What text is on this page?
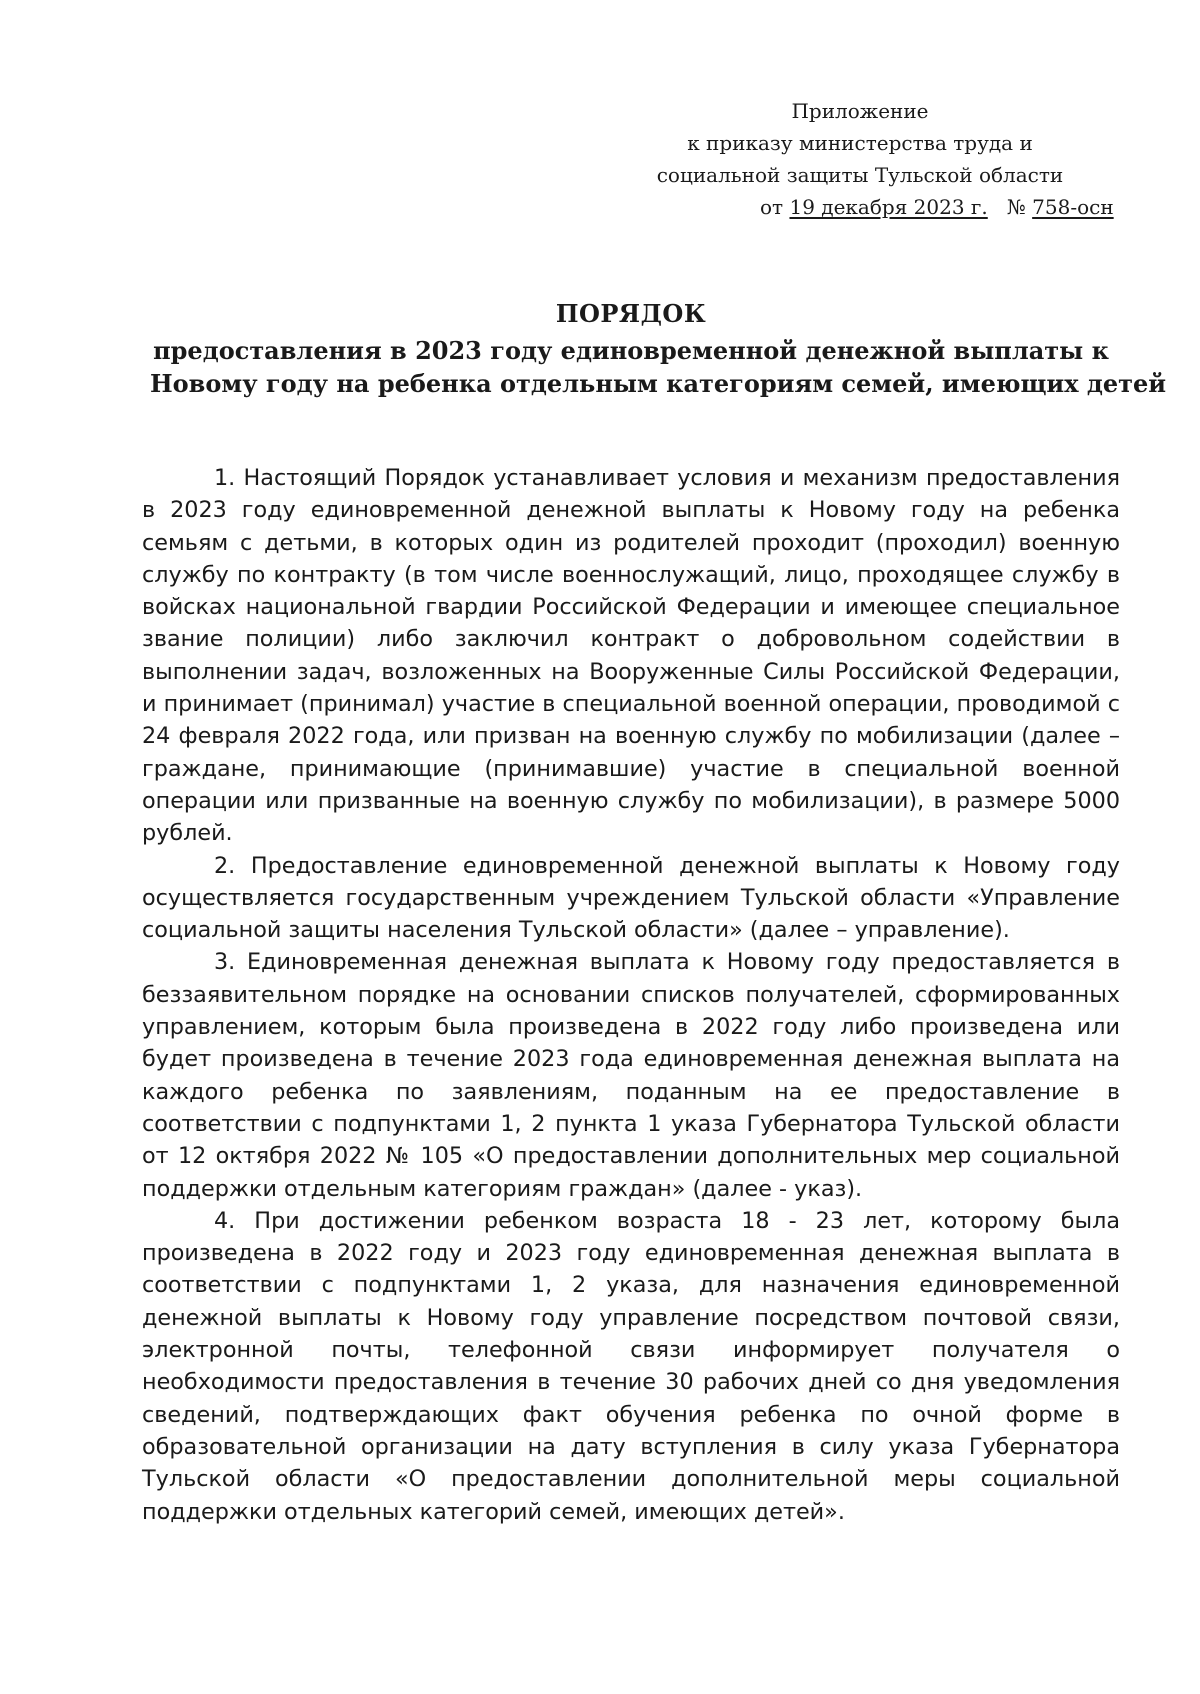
Приложение
к приказу министерства труда и
социальной защиты Тульской области
от 19 декабря 2023 г. № 758-осн
ПОРЯДОК
предоставления в 2023 году единовременной денежной выплаты к
Новому году на ребенка отдельным категориям семей, имеющих детей

1. Настоящий Порядок устанавливает условия и механизм предоставления в 2023 году единовременной денежной выплаты к Новому году на ребенка семьям с детьми, в которых один из родителей проходит (проходил) военную службу по контракту (в том числе военнослужащий, лицо, проходящее службу в войсках национальной гвардии Российской Федерации и имеющее специальное звание полиции) либо заключил контракт о добровольном содействии в выполнении задач, возложенных на Вооруженные Силы Российской Федерации, и принимает (принимал) участие в специальной военной операции, проводимой с 24 февраля 2022 года, или призван на военную службу по мобилизации (далее – граждане, принимающие (принимавшие) участие в специальной военной операции или призванные на военную службу по мобилизации), в размере 5000 рублей.

2. Предоставление единовременной денежной выплаты к Новому году осуществляется государственным учреждением Тульской области «Управление социальной защиты населения Тульской области» (далее – управление).

3. Единовременная денежная выплата к Новому году предоставляется в беззаявительном порядке на основании списков получателей, сформированных управлением, которым была произведена в 2022 году либо произведена или будет произведена в течение 2023 года единовременная денежная выплата на каждого ребенка по заявлениям, поданным на ее предоставление в соответствии с подпунктами 1, 2 пункта 1 указа Губернатора Тульской области от 12 октября 2022 № 105 «О предоставлении дополнительных мер социальной поддержки отдельным категориям граждан» (далее - указ).

4. При достижении ребенком возраста 18 - 23 лет, которому была произведена в 2022 году и 2023 году единовременная денежная выплата в соответствии с подпунктами 1, 2 указа, для назначения единовременной денежной выплаты к Новому году управление посредством почтовой связи, электронной почты, телефонной связи информирует получателя о необходимости предоставления в течение 30 рабочих дней со дня уведомления сведений, подтверждающих факт обучения ребенка по очной форме в образовательной организации на дату вступления в силу указа Губернатора Тульской области «О предоставлении дополнительной меры социальной поддержки отдельных категорий семей, имеющих детей».
